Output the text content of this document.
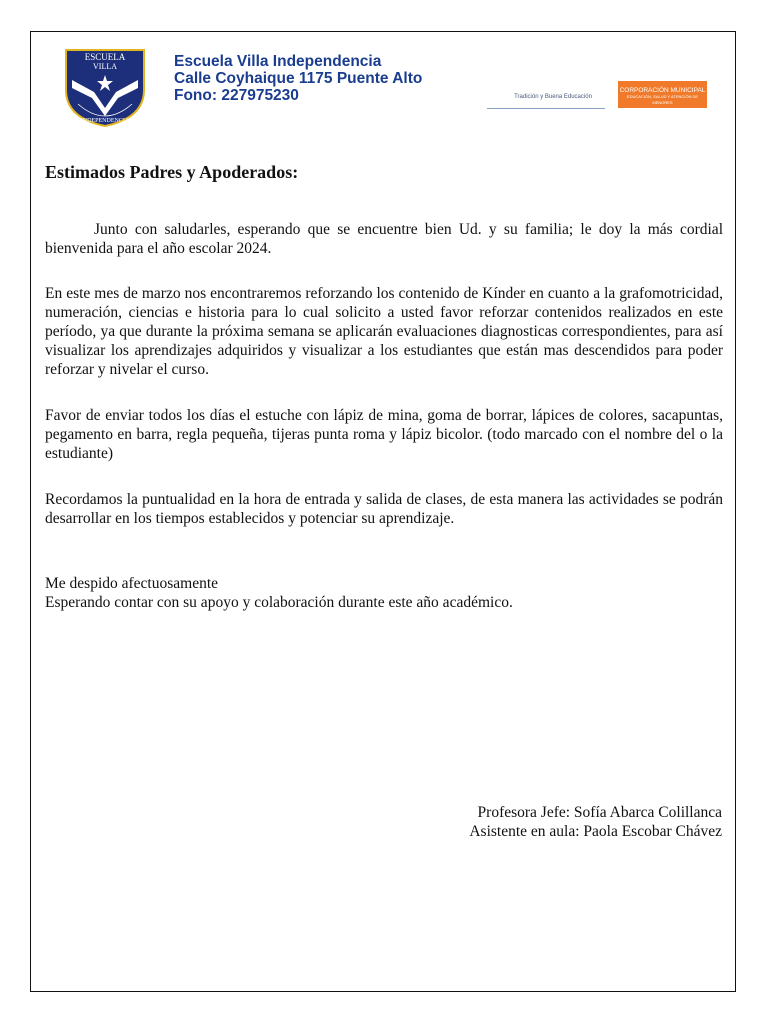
ESCUELA
VILLA
INDEPENDENCIA
Escuela Villa Independencia
Calle Coyhaique 1175 Puente Alto
Fono: 227975230	Tradición y Buena Educación
CORPORACIÓN MUNICIPAL
EDUCACIÓN, SALUD Y ATENCIÓN DE MENORES
Estimados Padres y Apoderados:
Junto con saludarles, esperando que se encuentre bien Ud. y su familia; le doy la más cordial bienvenida para el año escolar 2024.
En este mes de marzo nos encontraremos reforzando los contenido de Kínder en cuanto a la grafomotricidad, numeración, ciencias e historia para lo cual solicito a usted favor reforzar contenidos realizados en este período, ya que durante la próxima semana se aplicarán evaluaciones diagnosticas correspondientes, para así visualizar los aprendizajes adquiridos y visualizar a los estudiantes que están mas descendidos para poder reforzar y nivelar el curso.
Favor de enviar todos los días el estuche con lápiz de mina, goma de borrar, lápices de colores, sacapuntas, pegamento en barra, regla pequeña, tijeras punta roma y lápiz bicolor. (todo marcado con el nombre del o la estudiante)
Recordamos la puntualidad en la hora de entrada y salida de clases, de esta manera las actividades se podrán desarrollar en los tiempos establecidos y potenciar su aprendizaje.
Me despido afectuosamente
Esperando contar con su apoyo y colaboración durante este año académico.
Profesora Jefe: Sofía Abarca Colillanca
Asistente en aula: Paola Escobar Chávez
